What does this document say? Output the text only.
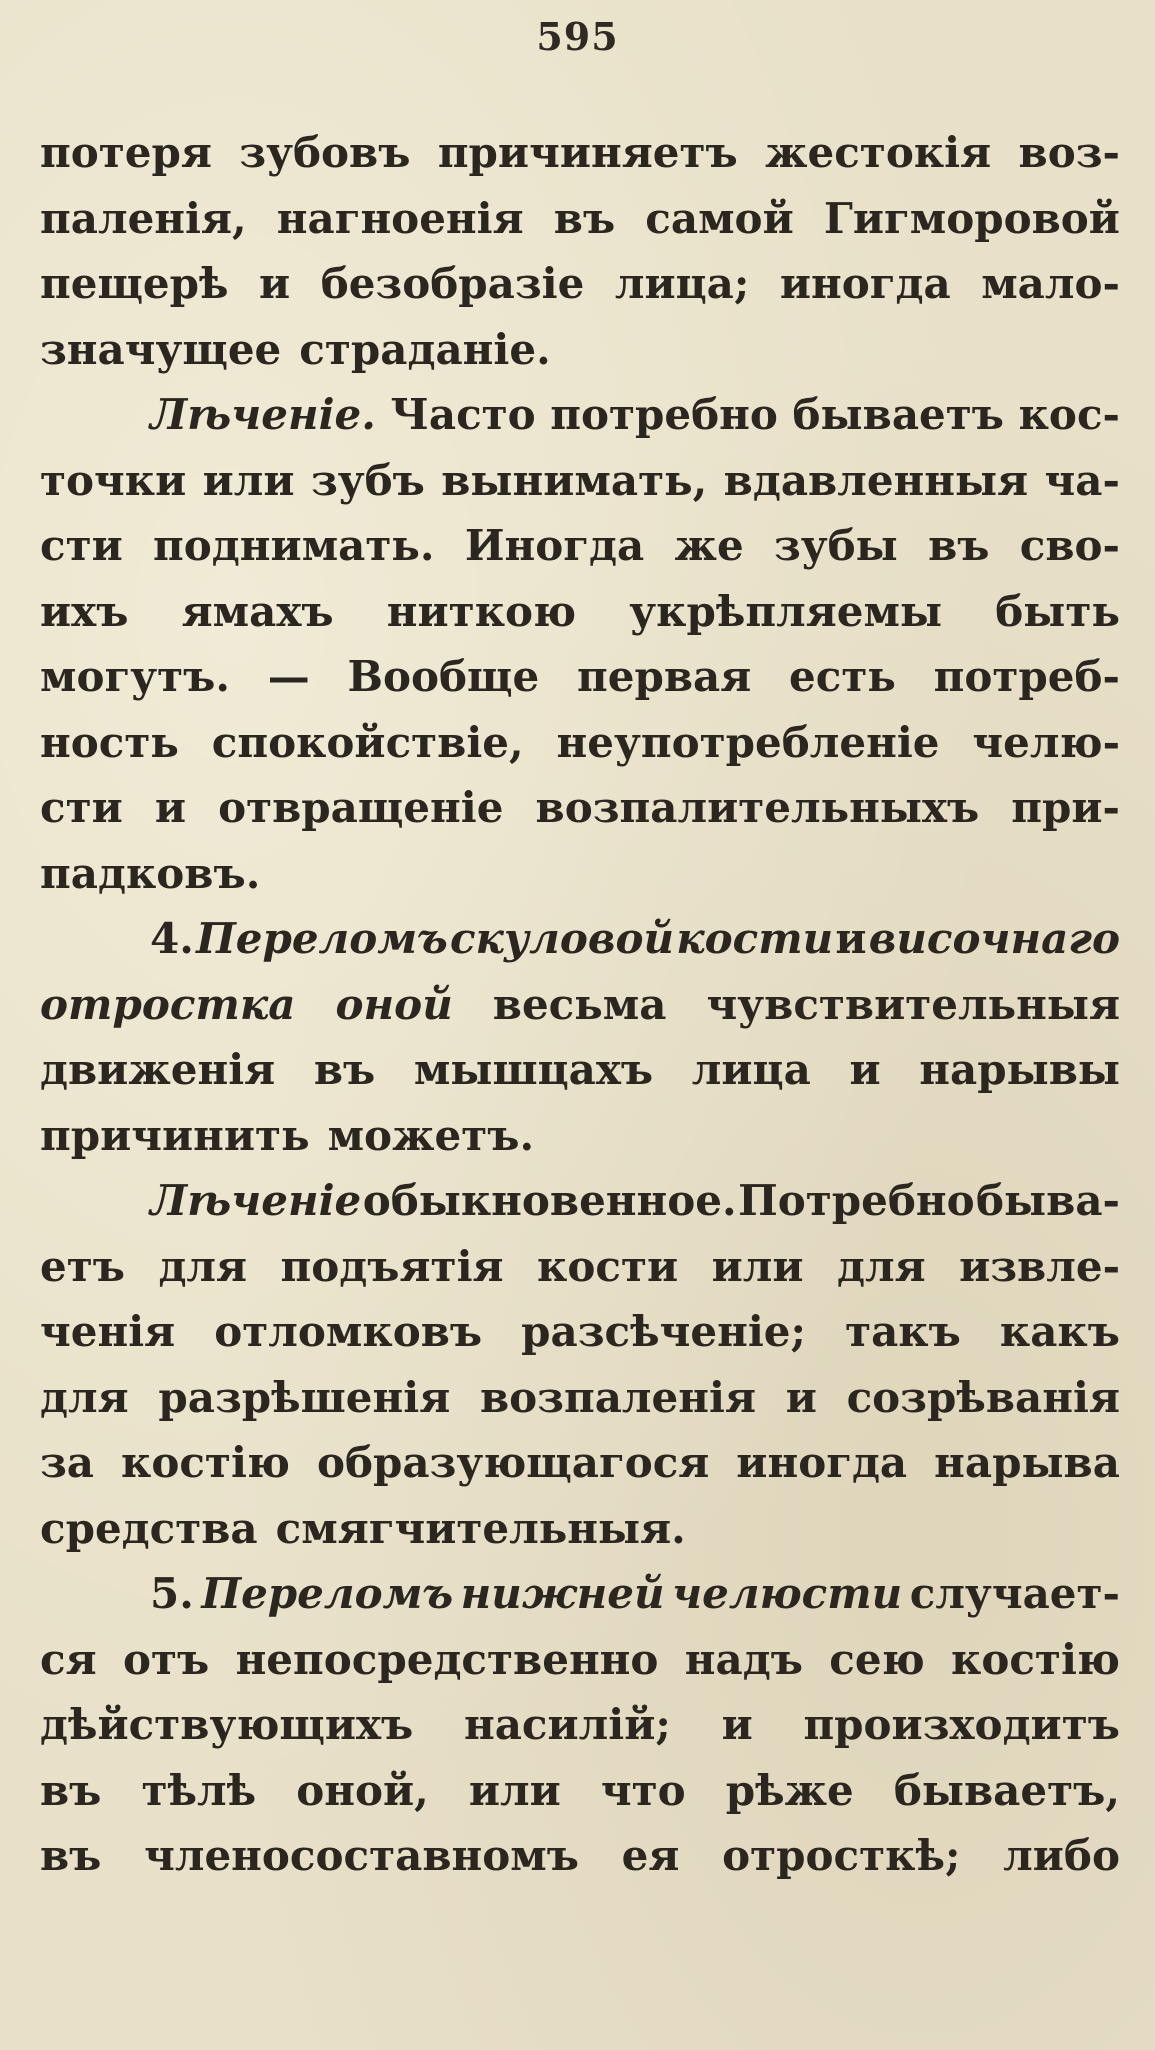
595
потеря зубовъ причиняетъ жестокія воз-
паленія, нагноенія въ самой Гигморовой
пещерѣ и безобразіе лица; иногда мало-
значущее страданіе.
Лѣченіе. Часто потребно бываетъ кос-
точки или зубъ вынимать, вдавленныя ча-
сти поднимать. Иногда же зубы въ сво-
ихъ ямахъ ниткою укрѣпляемы быть
могутъ. — Вообще первая есть потреб-
ность спокойствіе, неупотребленіе челю-
сти и отвращеніе возпалительныхъ при-
падковъ.
4. Переломъ скуловой кости и височнаго
отростка оной весьма чувствительныя
движенія въ мышцахъ лица и нарывы
причинить можетъ.
Лѣченіе обыкновенное. Потребно быва-
етъ для подъятія кости или для извле-
ченія отломковъ разсѣченіе; такъ какъ
для разрѣшенія возпаленія и созрѣванія
за костію образующагося иногда нарыва
средства смягчительныя.
5. Переломъ нижней челюсти случает-
ся отъ непосредственно надъ сею костію
дѣйствующихъ насилій; и произходитъ
въ тѣлѣ оной, или что рѣже бываетъ,
въ членосоставномъ ея отросткѣ; либо
